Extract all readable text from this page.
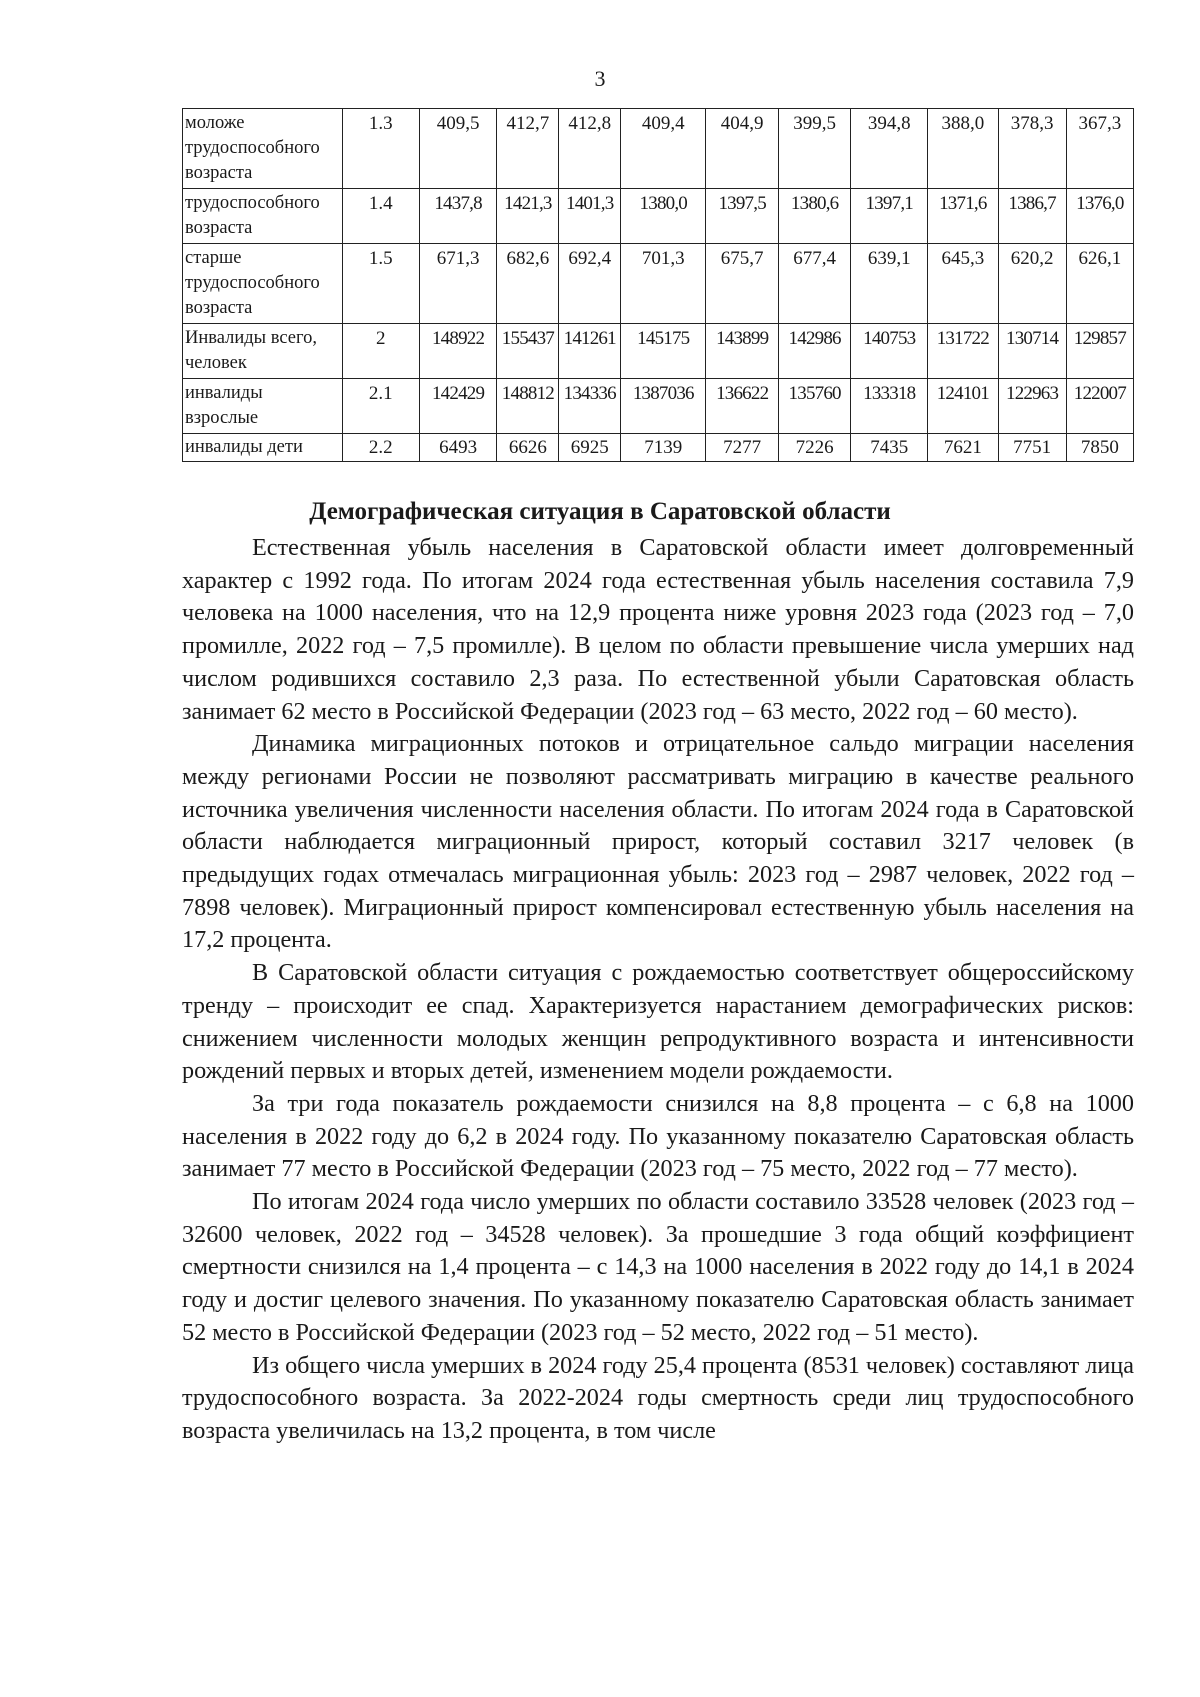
3
моложе трудоспособного возраста	1.3	409,5	412,7	412,8	409,4	404,9	399,5	394,8	388,0	378,3	367,3
трудоспособного возраста	1.4	1437,8	1421,3	1401,3	1380,0	1397,5	1380,6	1397,1	1371,6	1386,7	1376,0
старше трудоспособного возраста	1.5	671,3	682,6	692,4	701,3	675,7	677,4	639,1	645,3	620,2	626,1
Инвалиды всего, человек	2	148922	155437	141261	145175	143899	142986	140753	131722	130714	129857
инвалиды взрослые	2.1	142429	148812	134336	1387036	136622	135760	133318	124101	122963	122007
инвалиды дети	2.2	6493	6626	6925	7139	7277	7226	7435	7621	7751	7850
Демографическая ситуация в Саратовской области

Естественная убыль населения в Саратовской области имеет долговременный характер с 1992 года. По итогам 2024 года естественная убыль населения составила 7,9 человека на 1000 населения, что на 12,9 процента ниже уровня 2023 года (2023 год – 7,0 промилле, 2022 год – 7,5 промилле). В целом по области превышение числа умерших над числом родившихся составило 2,3 раза. По естественной убыли Саратовская область занимает 62 место в Российской Федерации (2023 год – 63 место, 2022 год – 60 место).

Динамика миграционных потоков и отрицательное сальдо миграции населения между регионами России не позволяют рассматривать миграцию в качестве реального источника увеличения численности населения области. По итогам 2024 года в Саратовской области наблюдается миграционный прирост, который составил 3217 человек (в предыдущих годах отмечалась миграционная убыль: 2023 год – 2987 человек, 2022 год – 7898 человек). Миграционный прирост компенсировал естественную убыль населения на 17,2 процента.

В Саратовской области ситуация с рождаемостью соответствует общероссийскому тренду – происходит ее спад. Характеризуется нарастанием демографических рисков: снижением численности молодых женщин репродуктивного возраста и интенсивности рождений первых и вторых детей, изменением модели рождаемости.

За три года показатель рождаемости снизился на 8,8 процента – с 6,8 на 1000 населения в 2022 году до 6,2 в 2024 году. По указанному показателю Саратовская область занимает 77 место в Российской Федерации (2023 год – 75 место, 2022 год – 77 место).

По итогам 2024 года число умерших по области составило 33528 человек (2023 год – 32600 человек, 2022 год – 34528 человек). За прошедшие 3 года общий коэффициент смертности снизился на 1,4 процента – с 14,3 на 1000 населения в 2022 году до 14,1 в 2024 году и достиг целевого значения. По указанному показателю Саратовская область занимает 52 место в Российской Федерации (2023 год – 52 место, 2022 год – 51 место).

Из общего числа умерших в 2024 году 25,4 процента (8531 человек) составляют лица трудоспособного возраста. За 2022-2024 годы смертность среди лиц трудоспособного возраста увеличилась на 13,2 процента, в том числе
